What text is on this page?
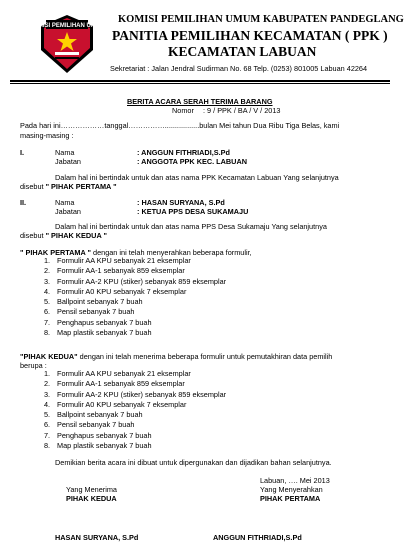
KOMISI PEMILIHAN UMUM
KOMISI PEMILIHAN UMUM KABUPATEN PANDEGLANG
PANITIA PEMILIHAN KECAMATAN ( PPK )
KECAMATAN LABUAN
Sekretariat : Jalan Jendral Sudirman No. 68 Telp. (0253) 801005 Labuan 42264
BERITA ACARA SERAH TERIMA BARANG
Nomor : 9 / PPK / BA / V / 2013
Pada hari ini………………tanggal…………….................bulan Mei tahun Dua Ribu Tiga Belas, kami
masing-masing :
I.	Nama	: ANGGUN FITHRIADI,S.Pd
Jabatan	: ANGGOTA PPK KEC. LABUAN
Dalam hal ini bertindak untuk dan atas nama PPK Kecamatan Labuan Yang selanjutnya
disebut " PIHAK PERTAMA "
II.	Nama	: HASAN SURYANA, S.Pd
Jabatan	: KETUA PPS DESA SUKAMAJU
Dalam hal ini bertindak untuk dan atas nama PPS Desa Sukamaju Yang selanjutnya
disebut " PIHAK KEDUA "
" PIHAK PERTAMA " dengan ini telah menyerahkan beberapa formulir,
1. Formulir AA KPU sebanyak 21 eksemplar
2. Formulir AA-1 sebanyak 859 eksemplar
3. Formulir AA-2 KPU (stiker) sebanyak 859 eksemplar
4. Formulir A0 KPU sebanyak 7 eksemplar
5. Ballpoint sebanyak 7 buah
6. Pensil sebanyak 7 buah
7. Penghapus sebanyak 7 buah
8. Map plastik sebanyak 7 buah
"PIHAK KEDUA" dengan ini telah menerima beberapa formulir untuk pemutakhiran data pemilih
berupa :
1. Formulir AA KPU sebanyak 21 eksemplar
2. Formulir AA-1 sebanyak 859 eksemplar
3. Formulir AA-2 KPU (stiker) sebanyak 859 eksemplar
4. Formulir A0 KPU sebanyak 7 eksemplar
5. Ballpoint sebanyak 7 buah
6. Pensil sebanyak 7 buah
7. Penghapus sebanyak 7 buah
8. Map plastik sebanyak 7 buah
Demikian berita acara ini dibuat untuk dipergunakan dan dijadikan bahan selanjutnya.
Labuan, …. Mei 2013
Yang Menerima
PIHAK KEDUA
Yang Menyerahkan
PIHAK PERTAMA
HASAN SURYANA, S.Pd	ANGGUN FITHRIADI,S.Pd
